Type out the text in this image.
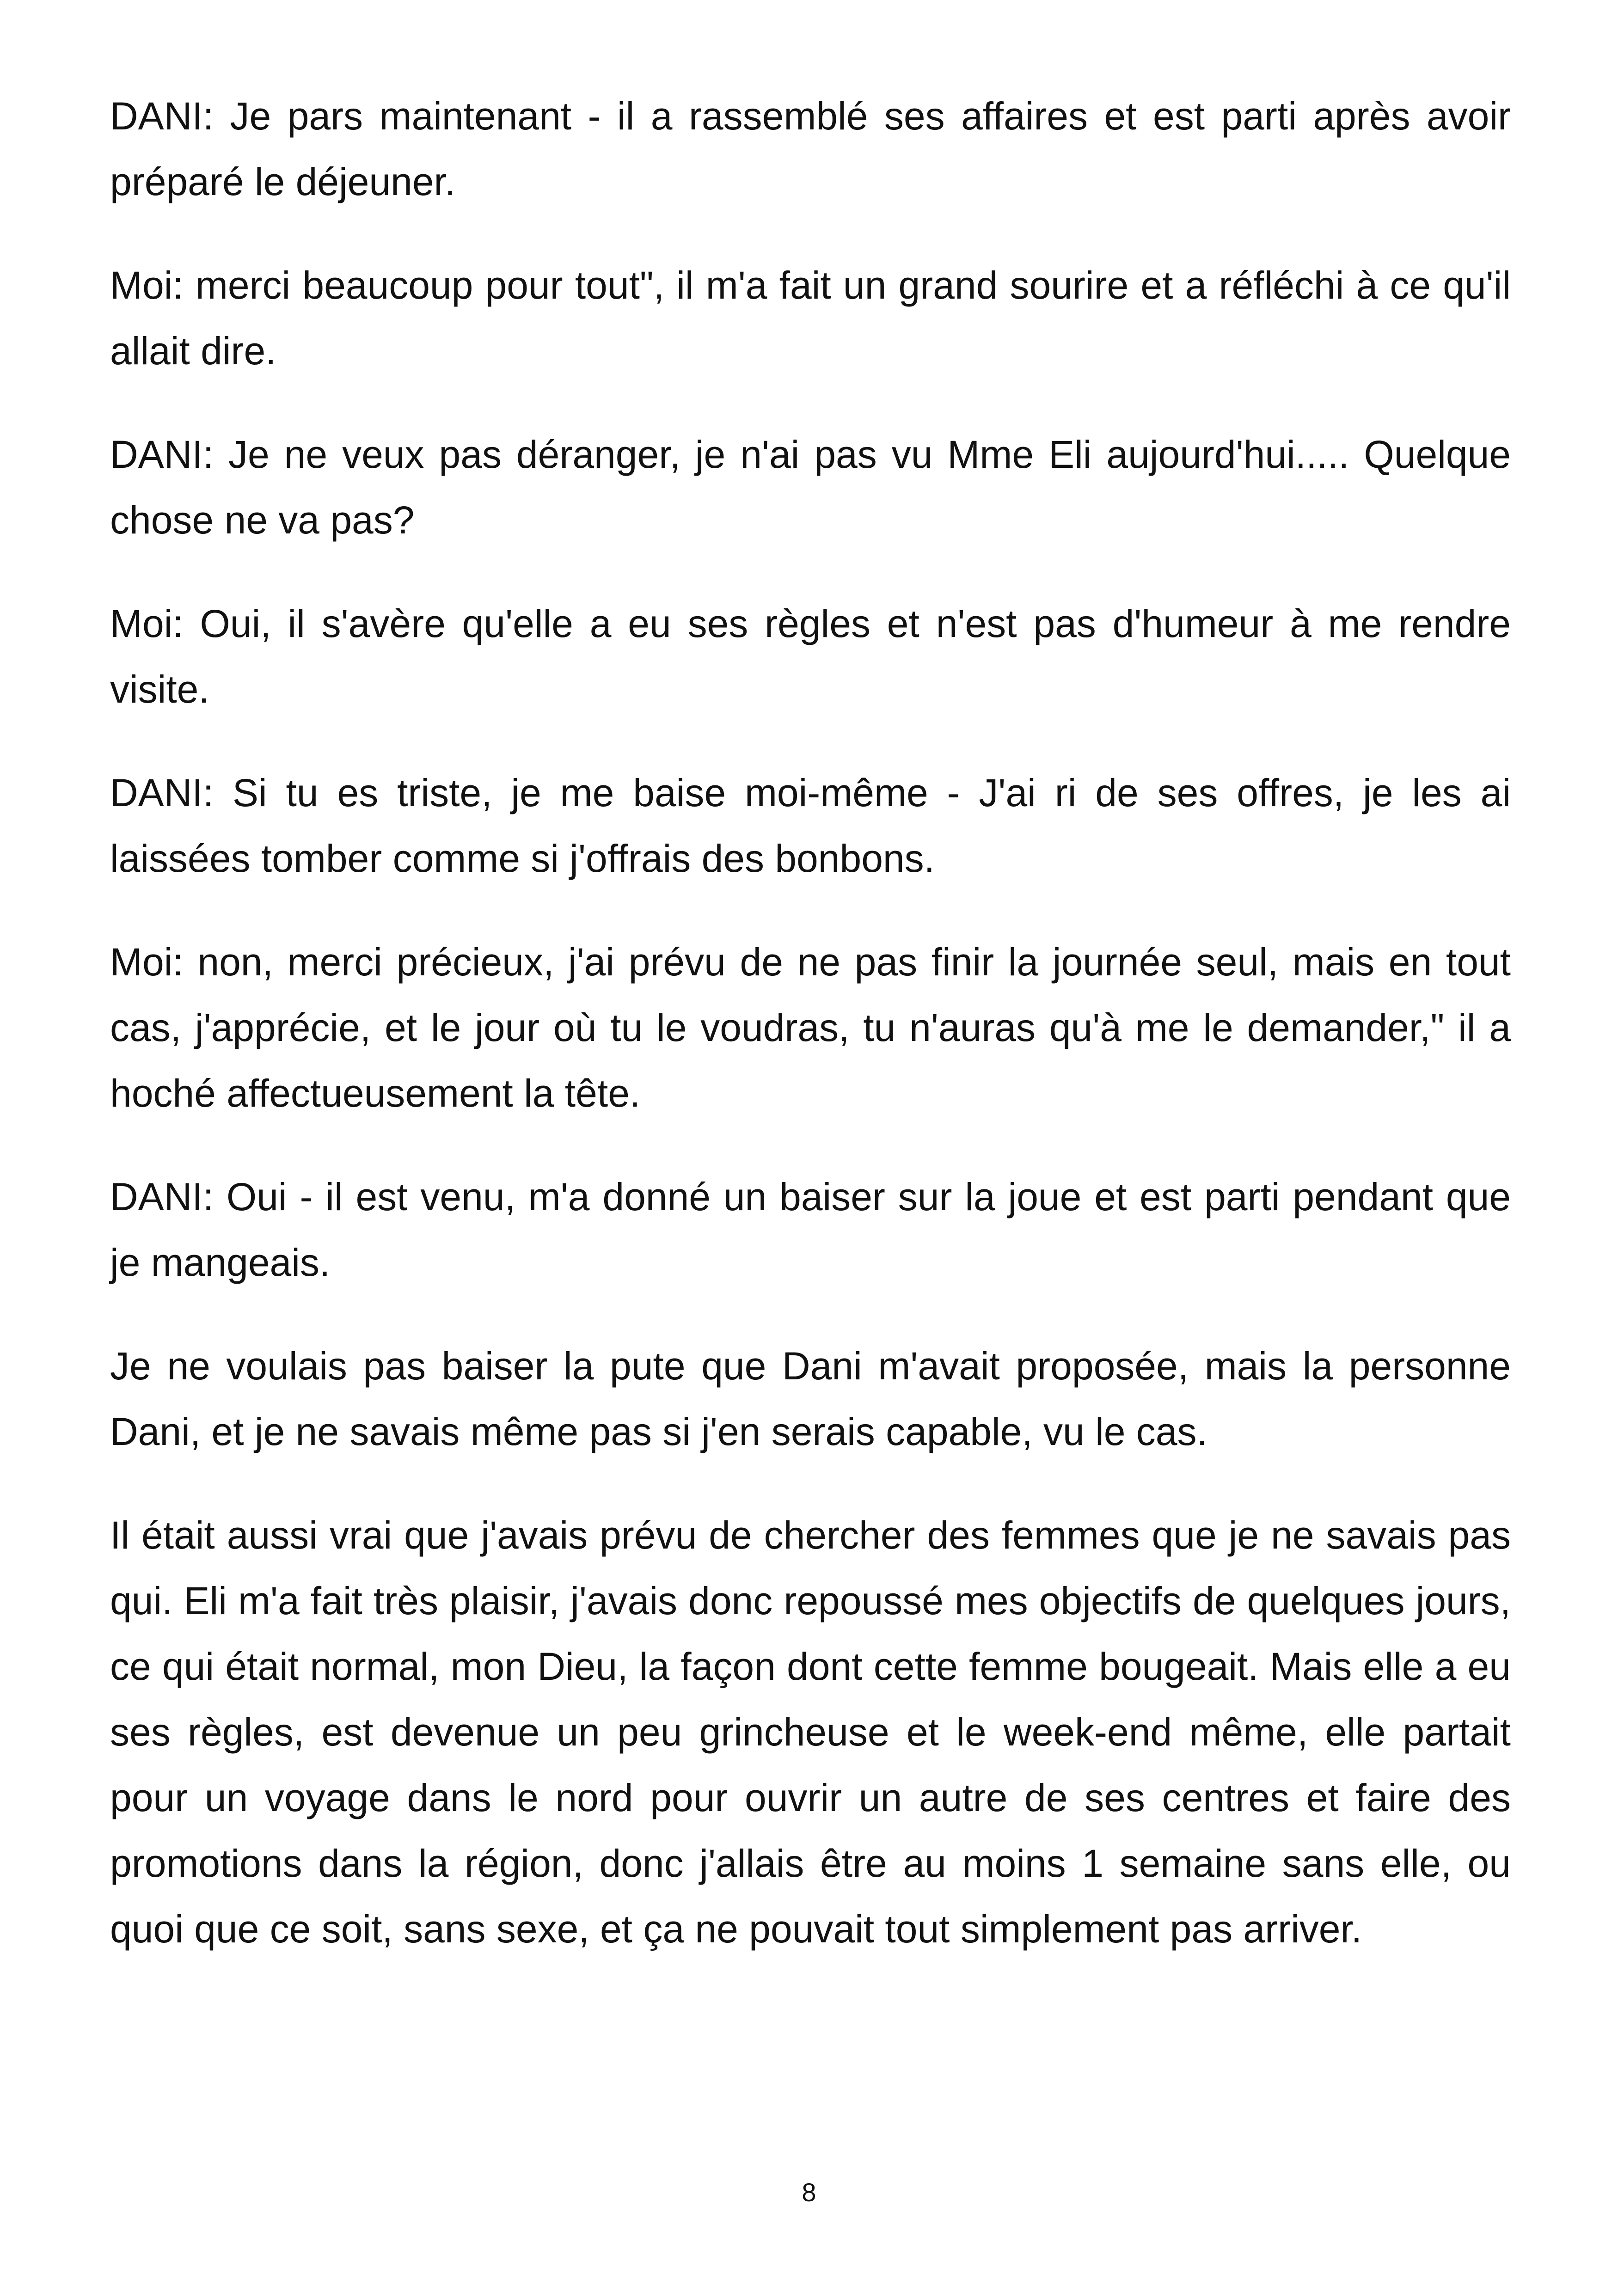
DANI: Je pars maintenant - il a rassemblé ses affaires et est parti après avoir préparé le déjeuner.

Moi: merci beaucoup pour tout", il m'a fait un grand sourire et a réfléchi à ce qu'il allait dire.

DANI: Je ne veux pas déranger, je n'ai pas vu Mme Eli aujourd'hui..... Quelque chose ne va pas?

Moi: Oui, il s'avère qu'elle a eu ses règles et n'est pas d'humeur à me rendre visite.

DANI: Si tu es triste, je me baise moi-même - J'ai ri de ses offres, je les ai laissées tomber comme si j'offrais des bonbons.

Moi: non, merci précieux, j'ai prévu de ne pas finir la journée seul, mais en tout cas, j'apprécie, et le jour où tu le voudras, tu n'auras qu'à me le demander," il a hoché affectueusement la tête.

DANI: Oui - il est venu, m'a donné un baiser sur la joue et est parti pendant que je mangeais.

Je ne voulais pas baiser la pute que Dani m'avait proposée, mais la personne Dani, et je ne savais même pas si j'en serais capable, vu le cas.

Il était aussi vrai que j'avais prévu de chercher des femmes que je ne savais pas qui. Eli m'a fait très plaisir, j'avais donc repoussé mes objectifs de quelques jours, ce qui était normal, mon Dieu, la façon dont cette femme bougeait. Mais elle a eu ses règles, est devenue un peu grincheuse et le week-end même, elle partait pour un voyage dans le nord pour ouvrir un autre de ses centres et faire des promotions dans la région, donc j'allais être au moins 1 semaine sans elle, ou quoi que ce soit, sans sexe, et ça ne pouvait tout simplement pas arriver.

8
